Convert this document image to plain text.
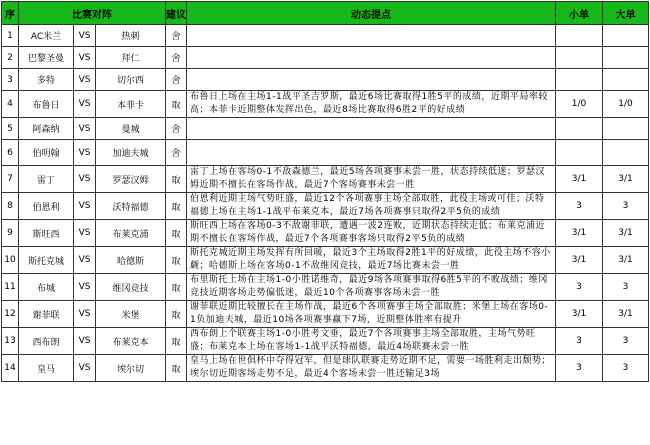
序	比赛对阵			建议	动态提点	小单	大单
1	AC米兰	VS	热刺	舍			
2	巴黎圣曼	VS	拜仁	舍			
3	多特	VS	切尔西	舍			
4	布鲁日	VS	本菲卡	取	布鲁日上场在主场1-1战平圣吉罗斯，最近6场比赛取得1胜5平的成绩，近期平局率较高；本菲卡近期整体发挥出色，最近8场比赛取得6胜2平的好成绩	1/0	1/0
5	阿森纳	VS	曼城	舍			
6	伯明翰	VS	加迪夫城	舍			
7	雷丁	VS	罗瑟汉姆	取	雷丁上场在客场0-1不敌森德兰，最近5场各项赛事未尝一胜，状态持续低迷；罗瑟汉姆近期不擅长在客场作战，最近7个客场赛事未尝一胜	3/1	3/1
8	伯恩利	VS	沃特福德	取	伯恩利近期主场气势旺盛，最近12个各项赛事主场全部取胜，此役主场或可佳；沃特福德上场在主场1-1战平布莱克本，最近7场各项赛事只取得2平5负的成绩	3	3
9	斯旺西	VS	布莱克浦	取	斯旺西上场在客场0-3不敌谢菲联，遭遇一波2连败，近期状态持续走低；布莱克浦近期不擅长在客场作战，最近7个各项赛事客场只取得2平5负的成绩	3/1	3/1
10	斯托克城	VS	哈德斯	取	斯托克城近期主场发挥有所回暖，最近3个主场取得2胜1平的好成绩，此役主场不容小觑；哈德斯上场在客场0-1不敌维冈竞技，最近7场比赛未尝一胜	3/1	3/1
11	布城	VS	维冈竞技	取	布里斯托上场在主场1-0小胜诺维奇，最近9场各项赛事取得6胜5平的不败战绩；维冈竞技近期客场走势偏低迷，最近10个各项赛事客场未尝一胜	3	3
12	谢菲联	VS	米堡	取	谢菲联近期比较擅长在主场作战，最近6个各项赛事主场全部取胜；米堡上场在客场0-1负加迪夫城，最近10场各项赛事赢下7场，近期整体胜率有提升	3/1	3/1
13	西布朗	VS	布莱克本	取	西布朗上个联赛主场1-0小胜考文垂，最近7个各项赛事主场全部取胜，主场气势旺盛；布莱克本上场在客场1-1战平沃特福德，最近4场联赛未尝一胜	3	3
14	皇马	VS	埃尔切	取	皇马上场在世俱杯中夺得冠军，但是球队联赛走势近期不足，需要一场胜利走出颓势；埃尔切近期客场走势不足，最近4个客场未尝一胜还输足3场	3	3
